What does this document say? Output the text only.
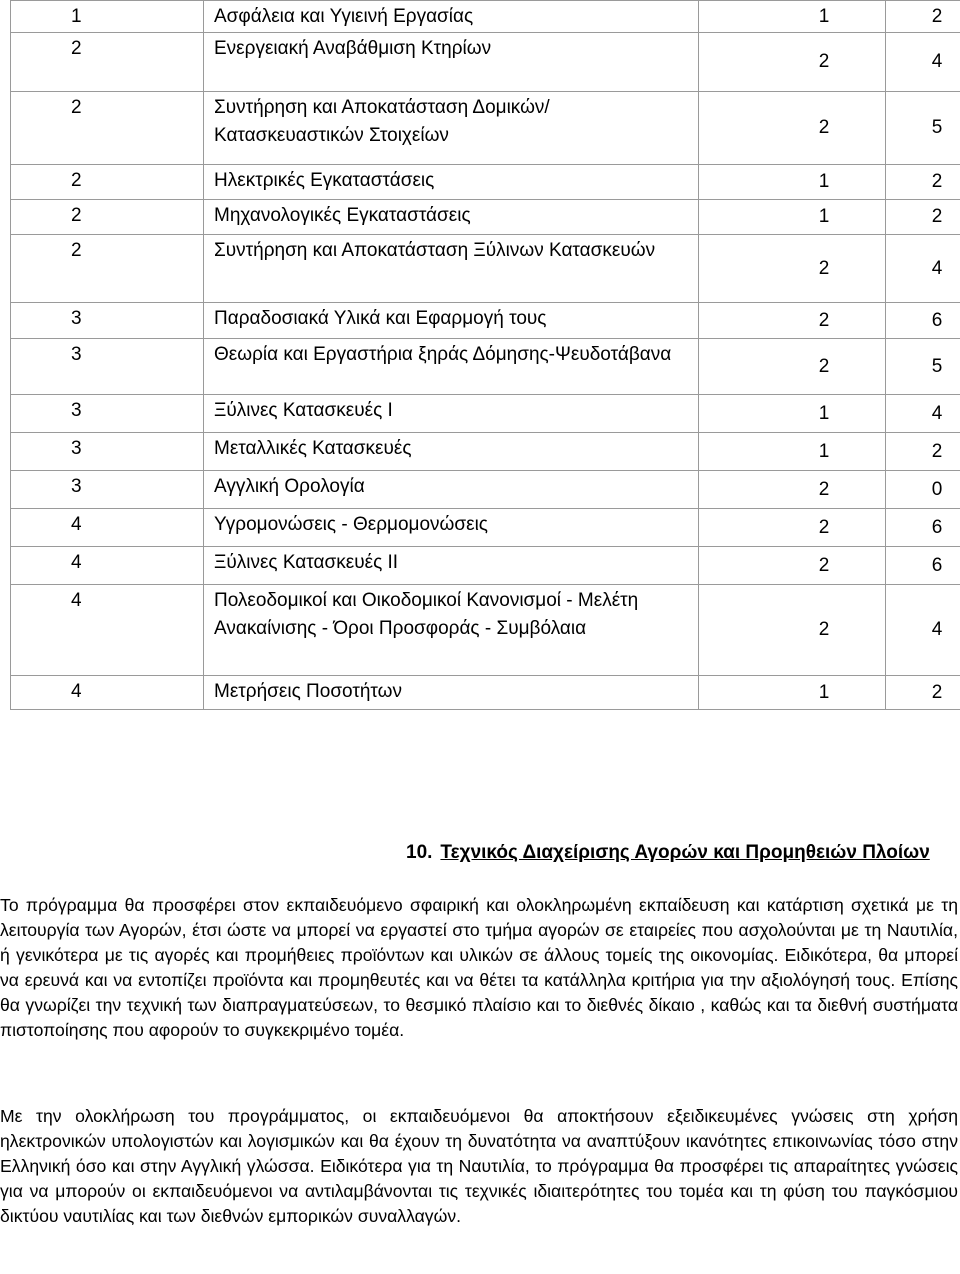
1	Ασφάλεια και Υγιεινή Εργασίας	1	2
2	Ενεργειακή Αναβάθμιση Κτηρίων	2	4
2	Συντήρηση και Αποκατάσταση Δομικών/Κατασκευαστικών Στοιχείων	2	5
2	Ηλεκτρικές Εγκαταστάσεις	1	2
2	Μηχανολογικές Εγκαταστάσεις	1	2
2	Συντήρηση και Αποκατάσταση Ξύλινων Κατασκευών	2	4
3	Παραδοσιακά Υλικά και Εφαρμογή τους	2	6
3	Θεωρία και Εργαστήρια ξηράς Δόμησης-Ψευδοτάβανα	2	5
3	Ξύλινες Κατασκευές Ι	1	4
3	Μεταλλικές Κατασκευές	1	2
3	Αγγλική Ορολογία	2	0
4	Υγρομονώσεις - Θερμομονώσεις	2	6
4	Ξύλινες Κατασκευές ΙΙ	2	6
4	Πολεοδομικοί και Οικοδομικοί Κανονισμοί - Μελέτη Ανακαίνισης - Όροι Προσφοράς - Συμβόλαια	2	4
4	Μετρήσεις Ποσοτήτων	1	2
10. Τεχνικός Διαχείρισης Αγορών και Προμηθειών Πλοίων

Το πρόγραμμα θα προσφέρει στον εκπαιδευόμενο σφαιρική και ολοκληρωμένη εκπαίδευση και κατάρτιση σχετικά με τη λειτουργία των Αγορών, έτσι ώστε να μπορεί να εργαστεί στο τμήμα αγορών σε εταιρείες που ασχολούνται με τη Ναυτιλία, ή γενικότερα με τις αγορές και προμήθειες προϊόντων και υλικών σε άλλους τομείς της οικονομίας. Ειδικότερα, θα μπορεί να ερευνά και να εντοπίζει προϊόντα και προμηθευτές και να θέτει τα κατάλληλα κριτήρια για την αξιολόγησή τους. Επίσης θα γνωρίζει την τεχνική των διαπραγματεύσεων, το θεσμικό πλαίσιο και το διεθνές δίκαιο , καθώς και τα διεθνή συστήματα πιστοποίησης που αφορούν το συγκεκριμένο τομέα.

Με την ολοκλήρωση του προγράμματος, οι εκπαιδευόμενοι θα αποκτήσουν εξειδικευμένες γνώσεις στη χρήση ηλεκτρονικών υπολογιστών και λογισμικών και θα έχουν τη δυνατότητα να αναπτύξουν ικανότητες επικοινωνίας τόσο στην Ελληνική όσο και στην Αγγλική γλώσσα. Ειδικότερα για τη Ναυτιλία, το πρόγραμμα θα προσφέρει τις απαραίτητες γνώσεις για να μπορούν οι εκπαιδευόμενοι να αντιλαμβάνονται τις τεχνικές ιδιαιτερότητες του τομέα και τη φύση του παγκόσμιου δικτύου ναυτιλίας και των διεθνών εμπορικών συναλλαγών.
